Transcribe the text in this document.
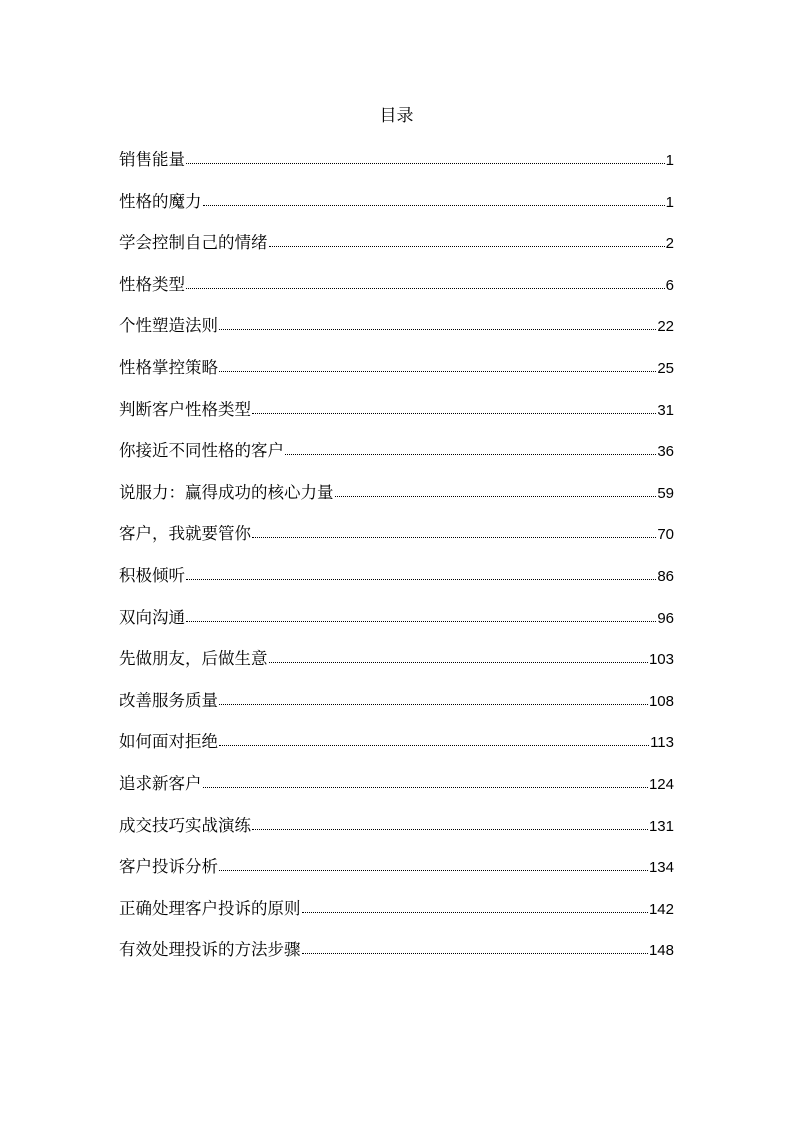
目录
销售能量	1
性格的魔力	1
学会控制自己的情绪	2
性格类型	6
个性塑造法则	22
性格掌控策略	25
判断客户性格类型	31
你接近不同性格的客户	36
说服力：赢得成功的核心力量	59
客户，我就要管你	70
积极倾听	86
双向沟通	96
先做朋友，后做生意	103
改善服务质量	108
如何面对拒绝	113
追求新客户	124
成交技巧实战演练	131
客户投诉分析	134
正确处理客户投诉的原则	142
有效处理投诉的方法步骤	148
